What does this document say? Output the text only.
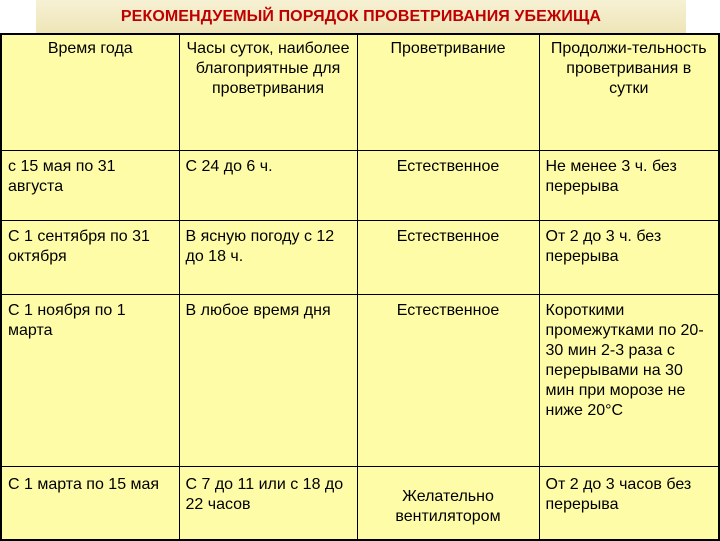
РЕКОМЕНДУЕМЫЙ ПОРЯДОК ПРОВЕТРИВАНИЯ УБЕЖИЩА
Время года	Часы суток, наиболее благоприятные для проветривания	Проветривание	Продолжи-тельность проветривания в сутки
с 15 мая по 31 августа	С 24 до 6 ч.	Естественное	Не менее 3 ч. без перерыва
С 1 сентября по 31 октября	В ясную погоду с 12 до 18 ч.	Естественное	От 2 до 3 ч. без перерыва
С 1 ноября по 1 марта	В любое время дня	Естественное	Короткими промежутками по 20-30 мин 2-3 раза с перерывами на 30 мин при морозе не ниже 20°С
С 1 марта по 15 мая	С 7 до 11 или с 18 до 22 часов	Желательно вентилятором	От 2 до 3 часов без перерыва
